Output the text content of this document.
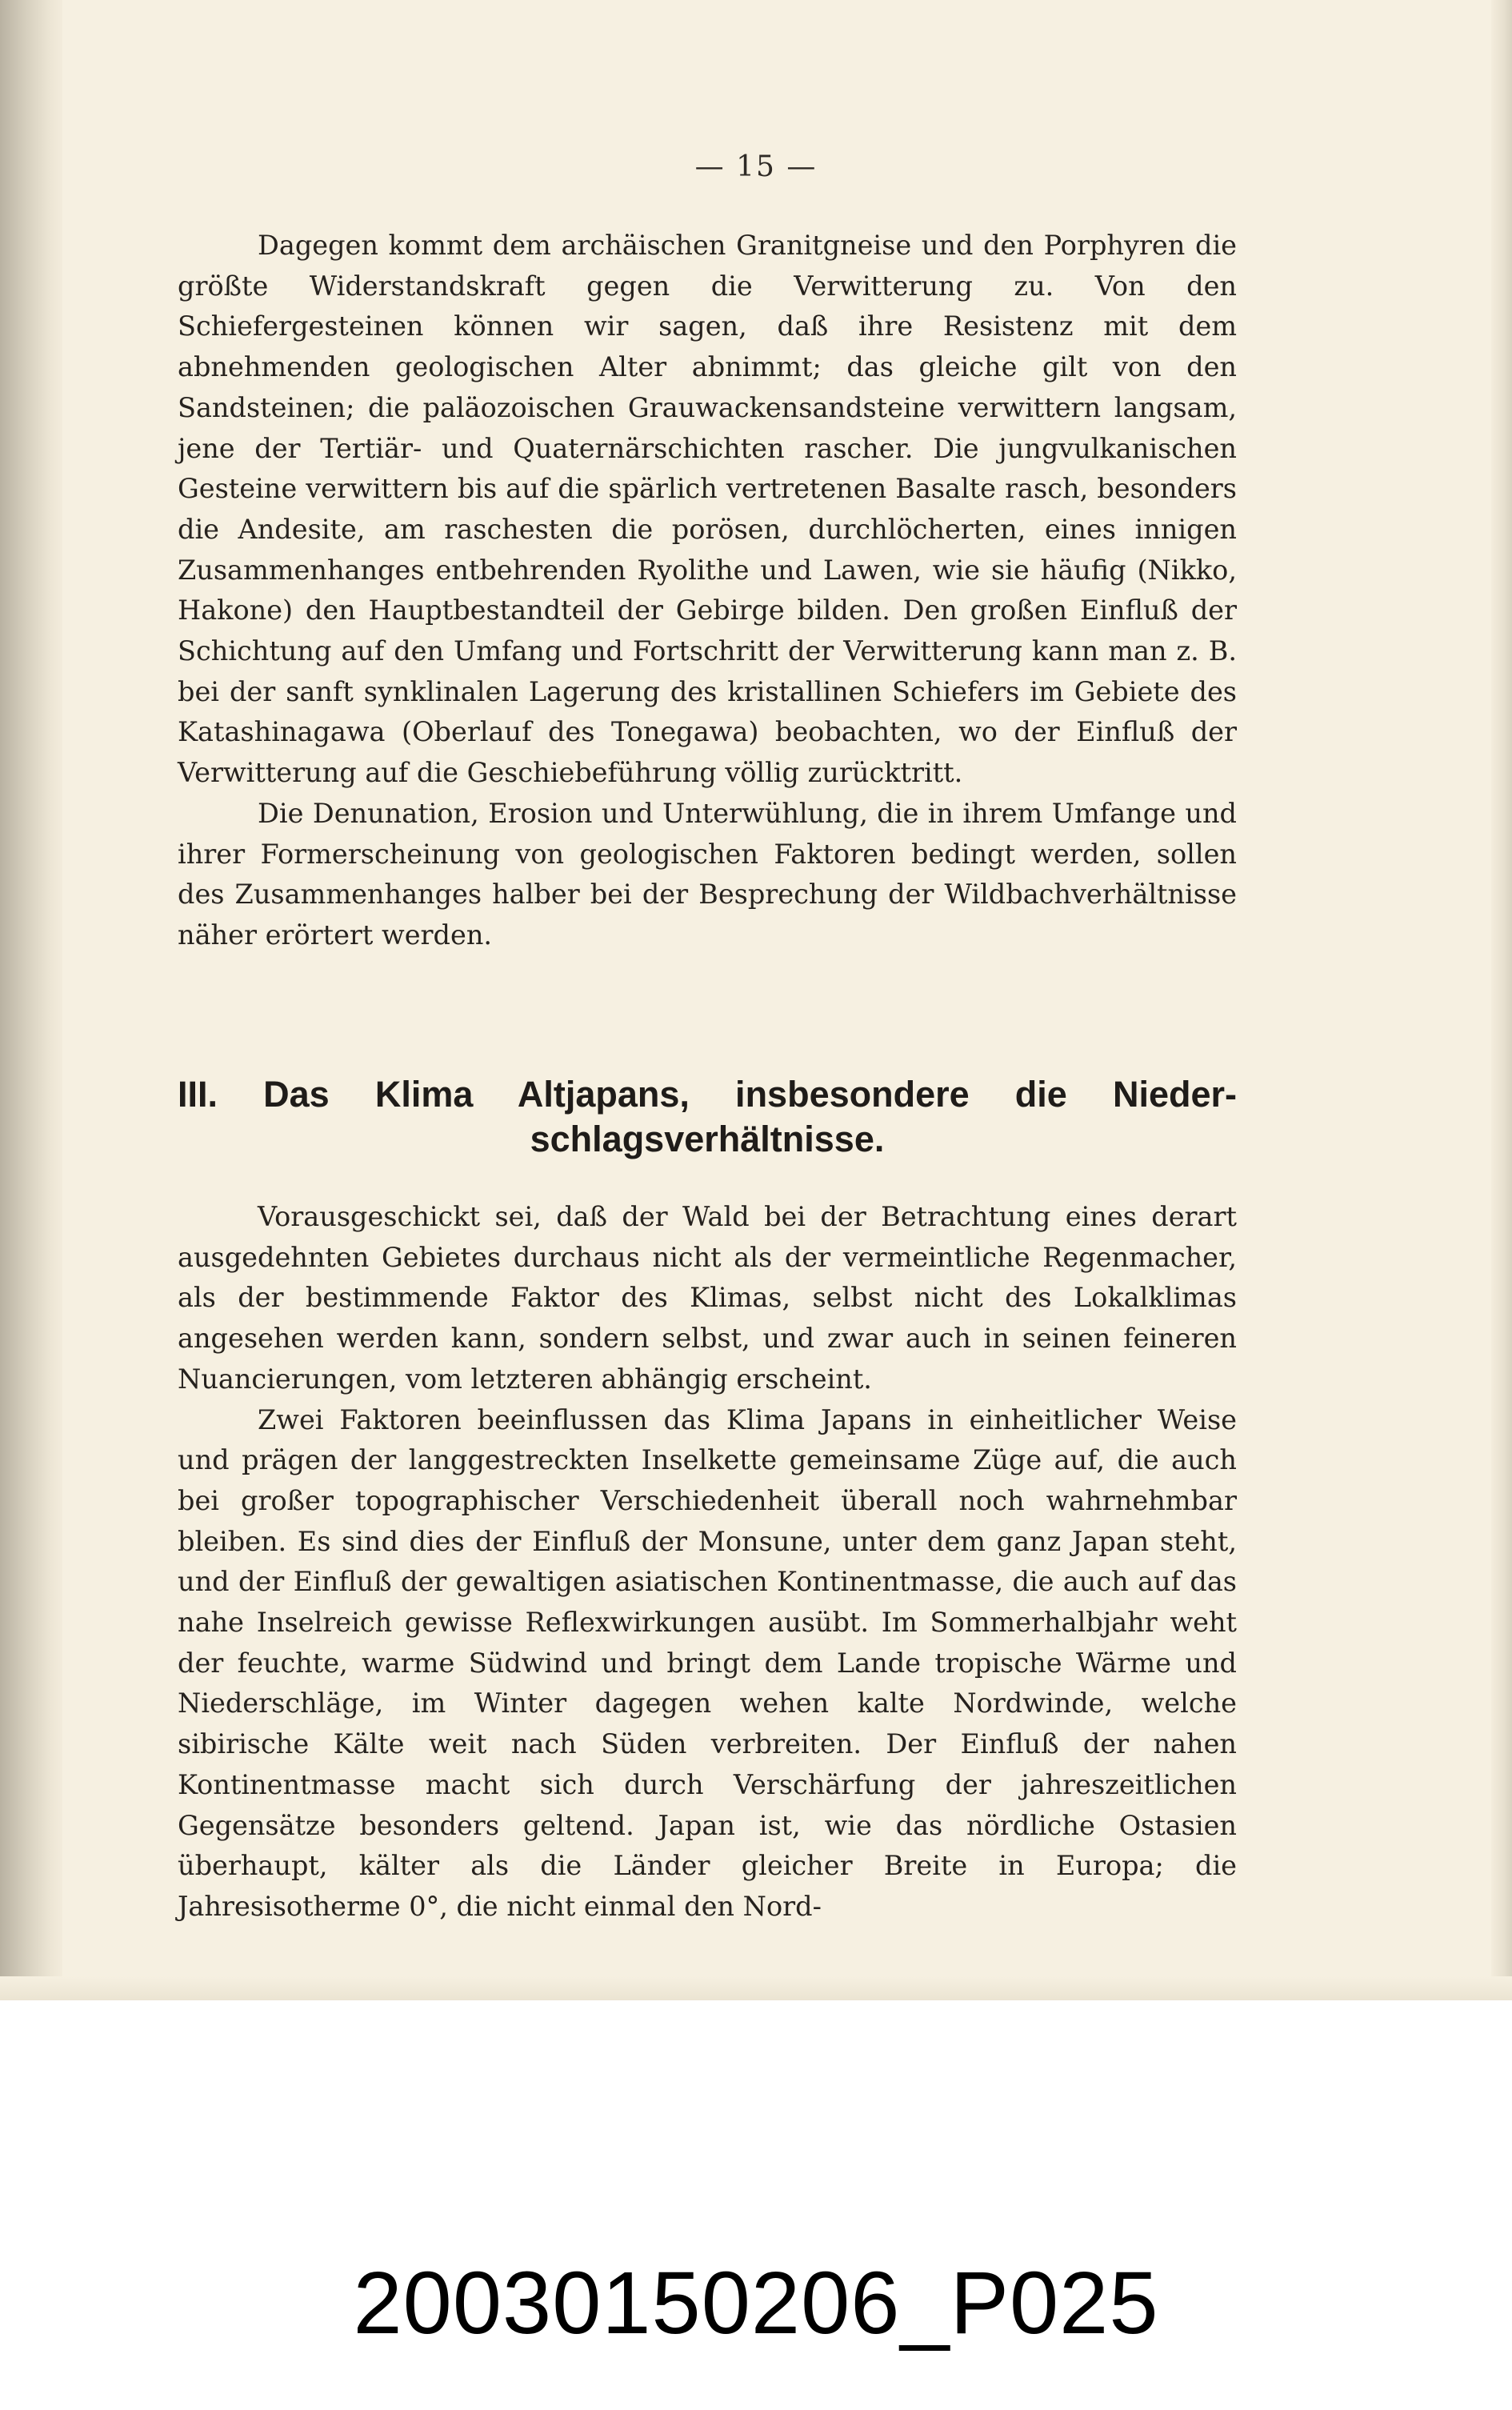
— 15 —

Dagegen kommt dem archäischen Granitgneise und den Porphyren die größte Widerstandskraft gegen die Verwitterung zu. Von den Schiefergesteinen können wir sagen, daß ihre Resistenz mit dem abnehmenden geologischen Alter abnimmt; das gleiche gilt von den Sandsteinen; die paläozoischen Grauwackensandsteine verwittern langsam, jene der Tertiär- und Quaternärschichten rascher. Die jungvulkanischen Gesteine verwittern bis auf die spärlich vertretenen Basalte rasch, besonders die Andesite, am raschesten die porösen, durchlöcherten, eines innigen Zusammenhanges entbehrenden Ryolithe und Lawen, wie sie häufig (Nikko, Hakone) den Hauptbestandteil der Gebirge bilden. Den großen Einfluß der Schichtung auf den Umfang und Fortschritt der Verwitterung kann man z. B. bei der sanft synklinalen Lagerung des kristallinen Schiefers im Gebiete des Katashinagawa (Oberlauf des Tonegawa) beobachten, wo der Einfluß der Verwitterung auf die Geschiebeführung völlig zurücktritt.

Die Denunation, Erosion und Unterwühlung, die in ihrem Umfange und ihrer Formerscheinung von geologischen Faktoren bedingt werden, sollen des Zusammenhanges halber bei der Besprechung der Wildbachverhältnisse näher erörtert werden.

III. Das Klima Altjapans, insbesondere die Nieder-
schlagsverhältnisse.

Vorausgeschickt sei, daß der Wald bei der Betrachtung eines derart ausgedehnten Gebietes durchaus nicht als der vermeintliche Regenmacher, als der bestimmende Faktor des Klimas, selbst nicht des Lokalklimas angesehen werden kann, sondern selbst, und zwar auch in seinen feineren Nuancierungen, vom letzteren abhängig erscheint.

Zwei Faktoren beeinflussen das Klima Japans in einheitlicher Weise und prägen der langgestreckten Inselkette gemeinsame Züge auf, die auch bei großer topographischer Verschiedenheit überall noch wahrnehmbar bleiben. Es sind dies der Einfluß der Monsune, unter dem ganz Japan steht, und der Einfluß der gewaltigen asiatischen Kontinentmasse, die auch auf das nahe Inselreich gewisse Reflexwirkungen ausübt. Im Sommerhalbjahr weht der feuchte, warme Südwind und bringt dem Lande tropische Wärme und Niederschläge, im Winter dagegen wehen kalte Nordwinde, welche sibirische Kälte weit nach Süden verbreiten. Der Einfluß der nahen Kontinentmasse macht sich durch Verschärfung der jahreszeitlichen Gegensätze besonders geltend. Japan ist, wie das nördliche Ostasien überhaupt, kälter als die Länder gleicher Breite in Europa; die Jahresisotherme 0°, die nicht einmal den Nord-

20030150206_P025
